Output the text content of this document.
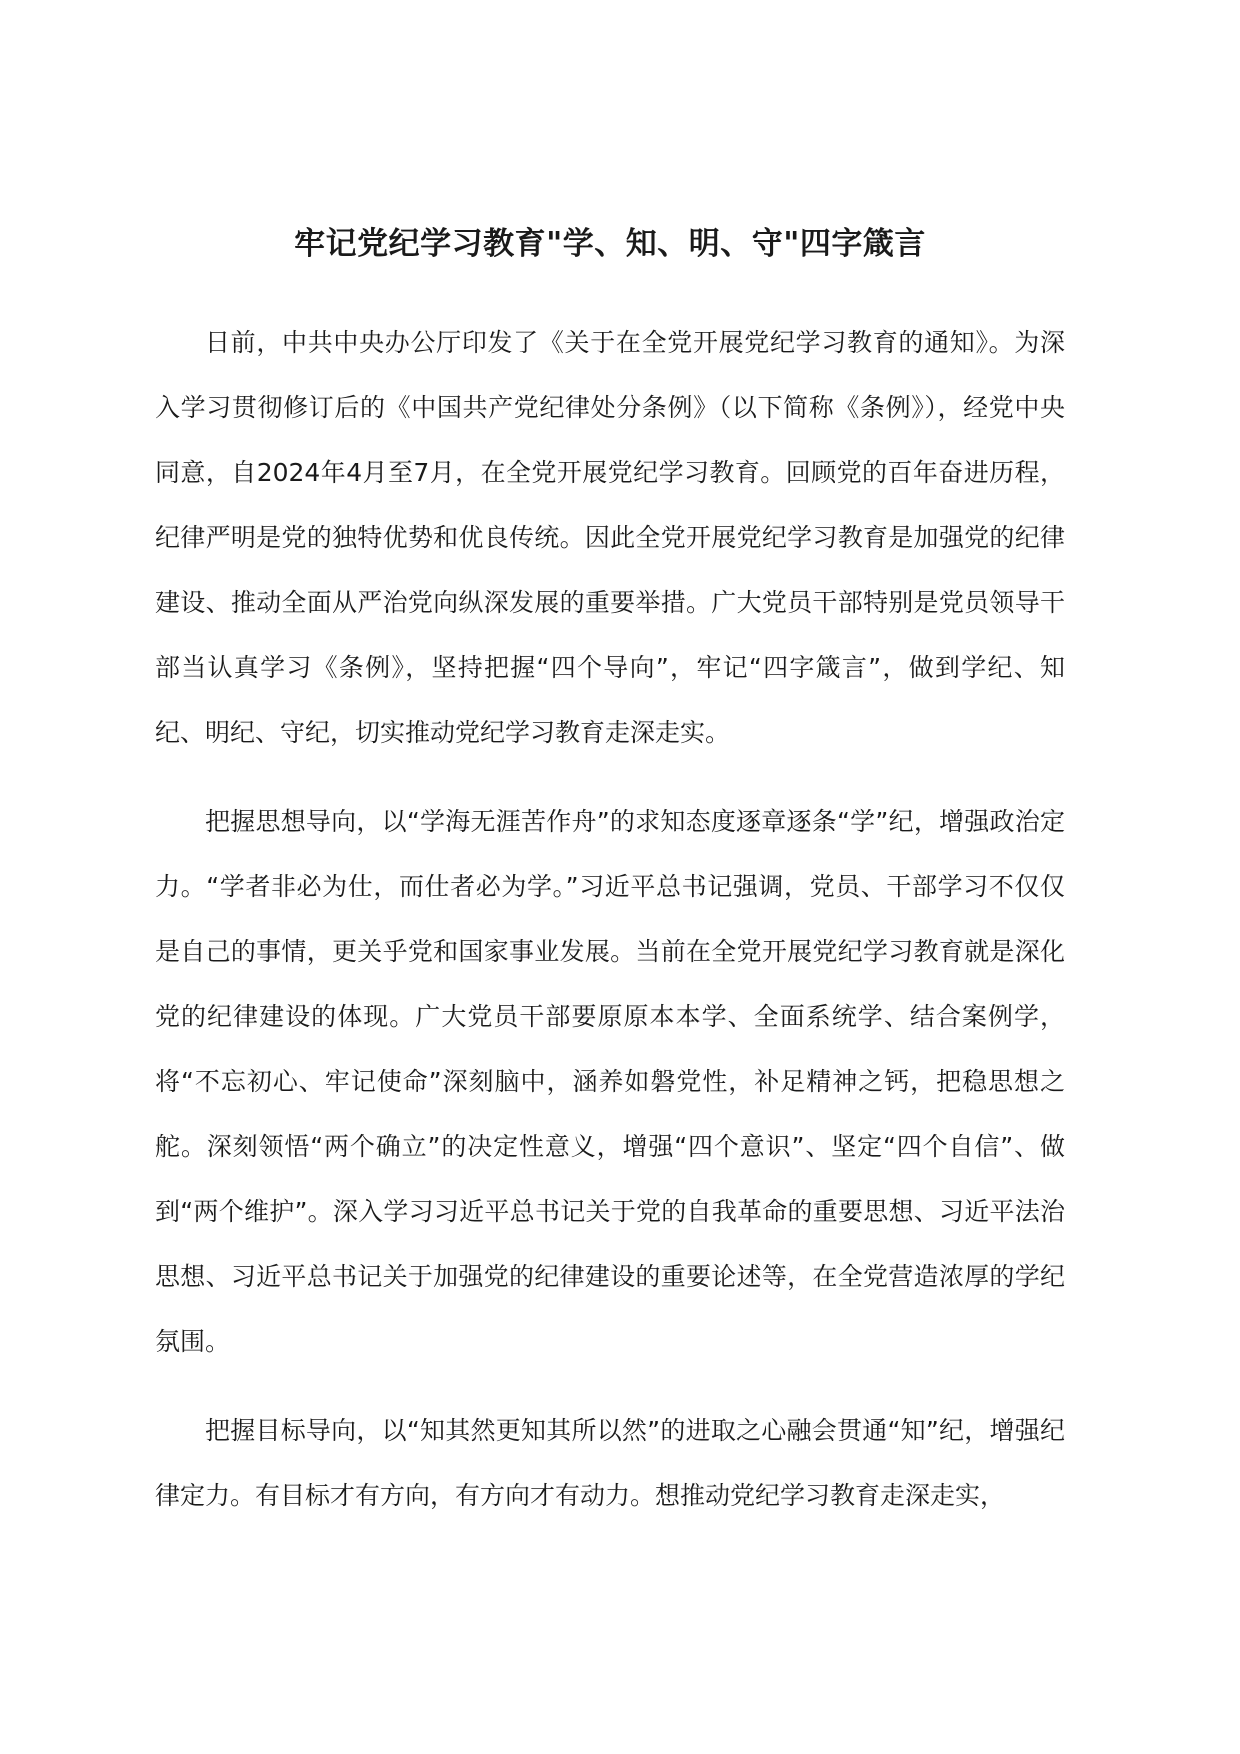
牢记党纪学习教育"学、知、明、守"四字箴言

日前，中共中央办公厅印发了《关于在全党开展党纪学习教育的通知》。为深入学习贯彻修订后的《中国共产党纪律处分条例》（以下简称《条例》），经党中央同意，自2024年4月至7月，在全党开展党纪学习教育。回顾党的百年奋进历程，纪律严明是党的独特优势和优良传统。因此全党开展党纪学习教育是加强党的纪律建设、推动全面从严治党向纵深发展的重要举措。广大党员干部特别是党员领导干部当认真学习《条例》，坚持把握“四个导向”，牢记“四字箴言”，做到学纪、知纪、明纪、守纪，切实推动党纪学习教育走深走实。

把握思想导向，以“学海无涯苦作舟”的求知态度逐章逐条“学”纪，增强政治定力。“学者非必为仕，而仕者必为学。”习近平总书记强调，党员、干部学习不仅仅是自己的事情，更关乎党和国家事业发展。当前在全党开展党纪学习教育就是深化党的纪律建设的体现。广大党员干部要原原本本学、全面系统学、结合案例学，将“不忘初心、牢记使命”深刻脑中，涵养如磐党性，补足精神之钙，把稳思想之舵。深刻领悟“两个确立”的决定性意义，增强“四个意识”、坚定“四个自信”、做到“两个维护”。深入学习习近平总书记关于党的自我革命的重要思想、习近平法治思想、习近平总书记关于加强党的纪律建设的重要论述等，在全党营造浓厚的学纪氛围。

把握目标导向，以“知其然更知其所以然”的进取之心融会贯通“知”纪，增强纪律定力。有目标才有方向，有方向才有动力。想推动党纪学习教育走深走实，
